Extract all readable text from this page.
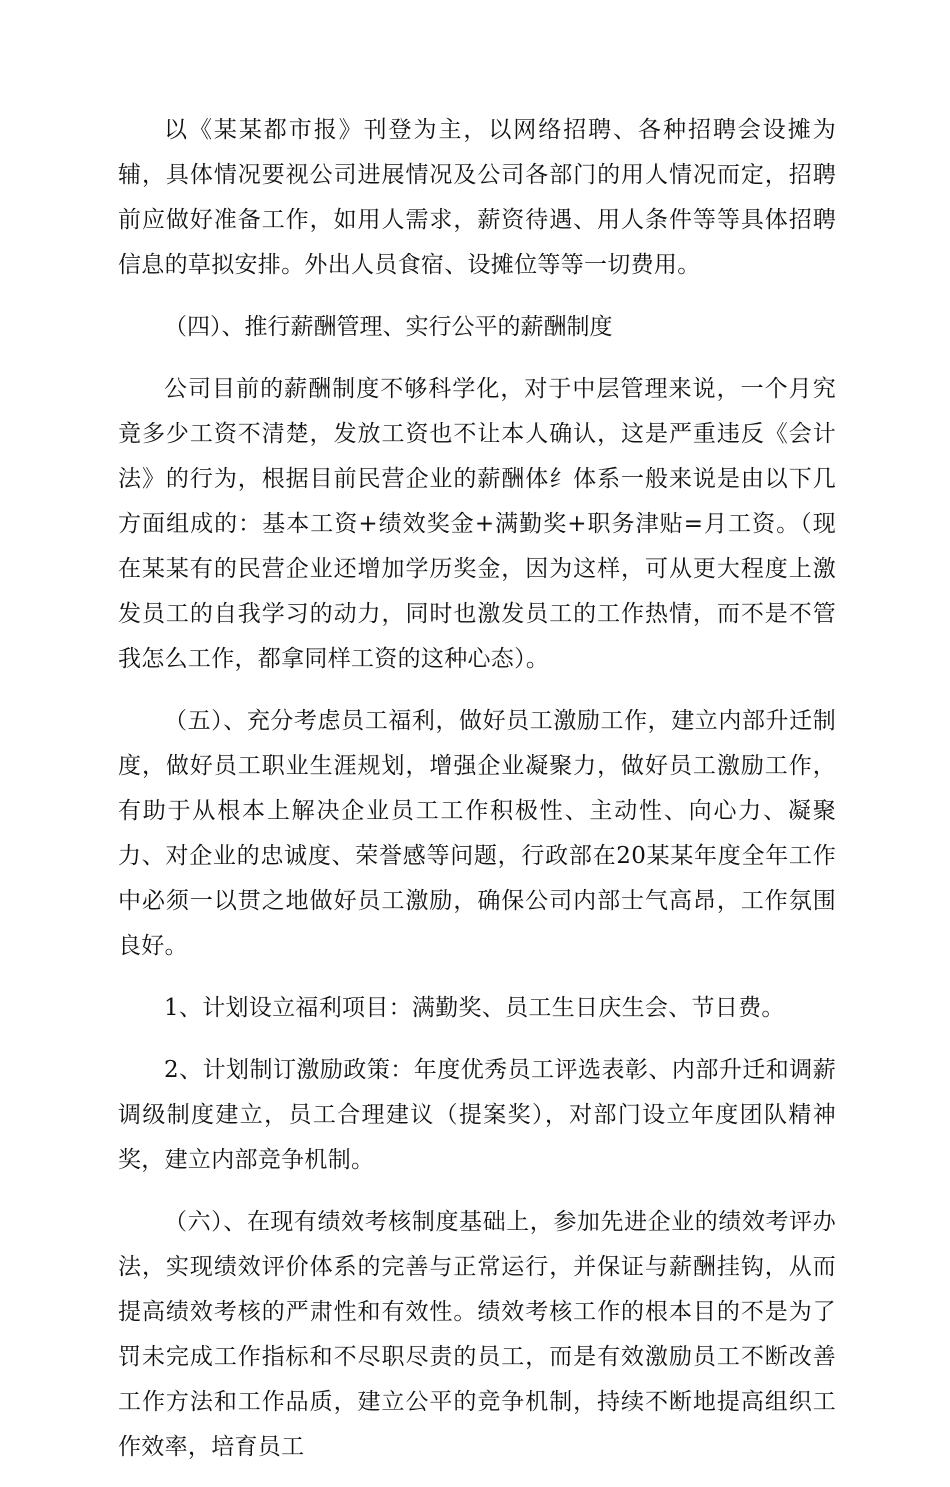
以《某某都市报》刊登为主，以网络招聘、各种招聘会设摊为辅，具体情况要视公司进展情况及公司各部门的用人情况而定，招聘前应做好准备工作，如用人需求，薪资待遇、用人条件等等具体招聘信息的草拟安排。外出人员食宿、设摊位等等一切费用。

（四）、推行薪酬管理、实行公平的薪酬制度

公司目前的薪酬制度不够科学化，对于中层管理来说，一个月究竟多少工资不清楚，发放工资也不让本人确认，这是严重违反《会计法》的行为，根据目前民营企业的薪酬体纟体系一般来说是由以下几方面组成的：基本工资+绩效奖金+满勤奖+职务津贴=月工资。（现在某某有的民营企业还增加学历奖金，因为这样，可从更大程度上激发员工的自我学习的动力，同时也激发员工的工作热情，而不是不管我怎么工作，都拿同样工资的这种心态）。

（五）、充分考虑员工福利，做好员工激励工作，建立内部升迁制度，做好员工职业生涯规划，增强企业凝聚力，做好员工激励工作，有助于从根本上解决企业员工工作积极性、主动性、向心力、凝聚力、对企业的忠诚度、荣誉感等问题，行政部在20某某年度全年工作中必须一以贯之地做好员工激励，确保公司内部士气高昂，工作氛围良好。

1、计划设立福利项目：满勤奖、员工生日庆生会、节日费。

2、计划制订激励政策：年度优秀员工评选表彰、内部升迁和调薪调级制度建立，员工合理建议（提案奖），对部门设立年度团队精神奖，建立内部竞争机制。

（六）、在现有绩效考核制度基础上，参加先进企业的绩效考评办法，实现绩效评价体系的完善与正常运行，并保证与薪酬挂钩，从而提高绩效考核的严肃性和有效性。绩效考核工作的根本目的不是为了罚未完成工作指标和不尽职尽责的员工，而是有效激励员工不断改善工作方法和工作品质，建立公平的竞争机制，持续不断地提高组织工作效率，培育员工
